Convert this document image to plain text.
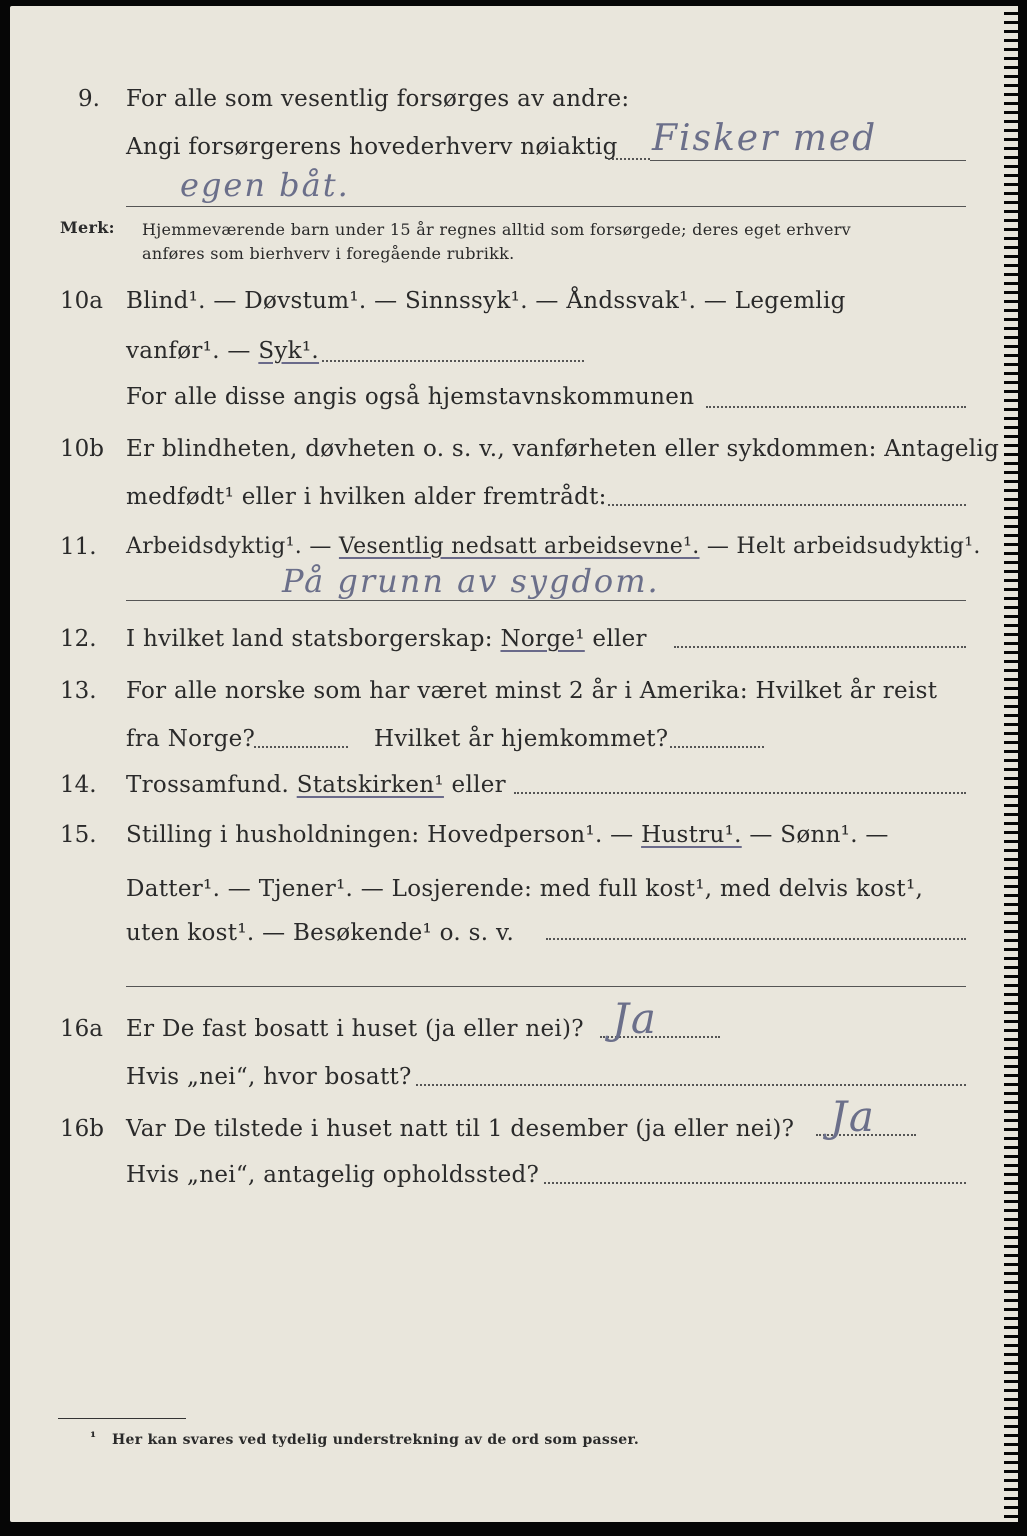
9. For alle som vesentlig forsørges av andre:
Angi forsørgerens hovederhverv nøiaktig Fisker med
egen båt.
Merk: Hjemmeværende barn under 15 år regnes alltid som forsørgede; deres eget erhverv
anføres som bierhverv i foregående rubrikk.
10a Blind¹. — Døvstum¹. — Sinnssyk¹. — Åndssvak¹. — Legemlig
vanfør¹. — Syk¹.
For alle disse angis også hjemstavnskommunen
10b Er blindheten, døvheten o. s. v., vanførheten eller sykdommen: Antagelig
medfødt¹ eller i hvilken alder fremtrådt:
11. Arbeidsdyktig¹. — Vesentlig nedsatt arbeidsevne¹. — Helt arbeidsudyktig¹.
På grunn av sygdom.
12. I hvilket land statsborgerskap: Norge¹ eller
13. For alle norske som har været minst 2 år i Amerika: Hvilket år reist
fra Norge?	Hvilket år hjemkommet?
14. Trossamfund. Statskirken¹ eller
15. Stilling i husholdningen: Hovedperson¹. — Hustru¹. — Sønn¹. —
Datter¹. — Tjener¹. — Losjerende: med full kost¹, med delvis kost¹,
uten kost¹. — Besøkende¹ o. s. v.
16a Er De fast bosatt i huset (ja eller nei)? Ja
Hvis „nei“, hvor bosatt?
16b Var De tilstede i huset natt til 1 desember (ja eller nei)? Ja
Hvis „nei“, antagelig opholdssted?
¹ Her kan svares ved tydelig understrekning av de ord som passer.
